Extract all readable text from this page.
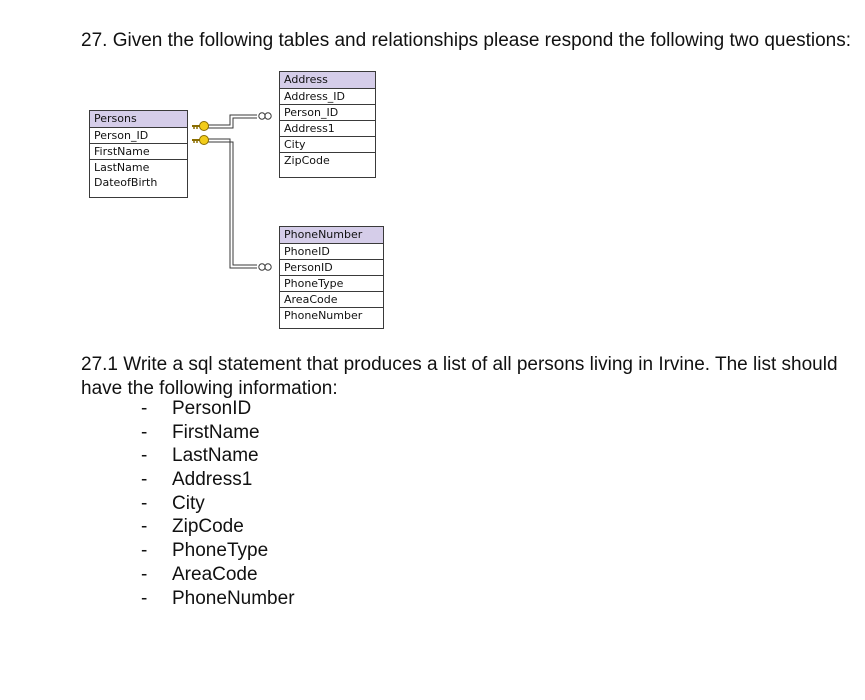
27. Given the following tables and relationships please respond the following two questions:
Persons
Person_ID
FirstName
LastName
DateofBirth
Address
Address_ID
Person_ID
Address1
City
ZipCode
PhoneNumber
PhoneID
PersonID
PhoneType
AreaCode
PhoneNumber

27.1 Write a sql statement that produces a list of all persons living in Irvine. The list should have the following information:

- PersonID
- FirstName
- LastName
- Address1
- City
- ZipCode
- PhoneType
- AreaCode
- PhoneNumber
